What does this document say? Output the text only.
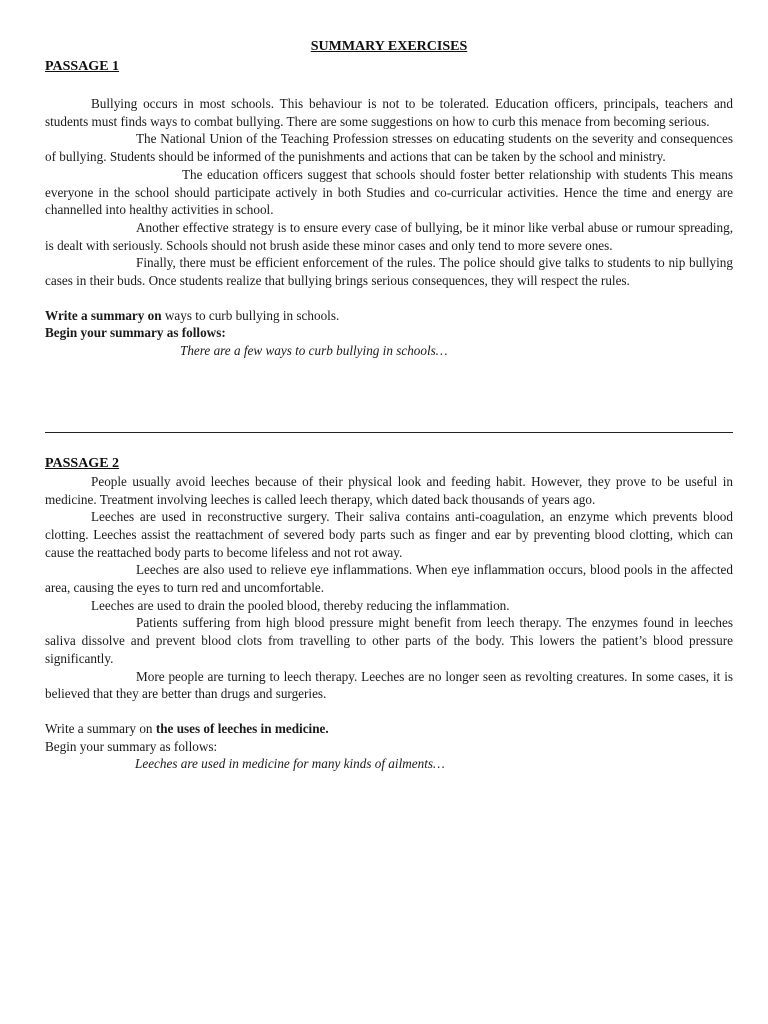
SUMMARY EXERCISES
PASSAGE 1

Bullying occurs in most schools. This behaviour is not to be tolerated. Education officers, principals, teachers and students must finds ways to combat bullying. There are some suggestions on how to curb this menace from becoming serious.

The National Union of the Teaching Profession stresses on educating students on the severity and consequences of bullying. Students should be informed of the punishments and actions that can be taken by the school and ministry.

The education officers suggest that schools should foster better relationship with students This means everyone in the school should participate actively in both Studies and co-curricular activities. Hence the time and energy are channelled into healthy activities in school.

Another effective strategy is to ensure every case of bullying, be it minor like verbal abuse or rumour spreading, is dealt with seriously. Schools should not brush aside these minor cases and only tend to more severe ones.

Finally, there must be efficient enforcement of the rules. The police should give talks to students to nip bullying cases in their buds. Once students realize that bullying brings serious consequences, they will respect the rules.

Write a summary on ways to curb bullying in schools.

Begin your summary as follows:

There are a few ways to curb bullying in schools…

PASSAGE 2

People usually avoid leeches because of their physical look and feeding habit. However, they prove to be useful in medicine. Treatment involving leeches is called leech therapy, which dated back thousands of years ago.

Leeches are used in reconstructive surgery. Their saliva contains anti-coagulation, an enzyme which prevents blood clotting. Leeches assist the reattachment of severed body parts such as finger and ear by preventing blood clotting, which can cause the reattached body parts to become lifeless and not rot away.

Leeches are also used to relieve eye inflammations. When eye inflammation occurs, blood pools in the affected area, causing the eyes to turn red and uncomfortable.

Leeches are used to drain the pooled blood, thereby reducing the inflammation.

Patients suffering from high blood pressure might benefit from leech therapy. The enzymes found in leeches saliva dissolve and prevent blood clots from travelling to other parts of the body. This lowers the patient’s blood pressure significantly.

More people are turning to leech therapy. Leeches are no longer seen as revolting creatures. In some cases, it is believed that they are better than drugs and surgeries.

Write a summary on the uses of leeches in medicine.

Begin your summary as follows:

Leeches are used in medicine for many kinds of ailments…
